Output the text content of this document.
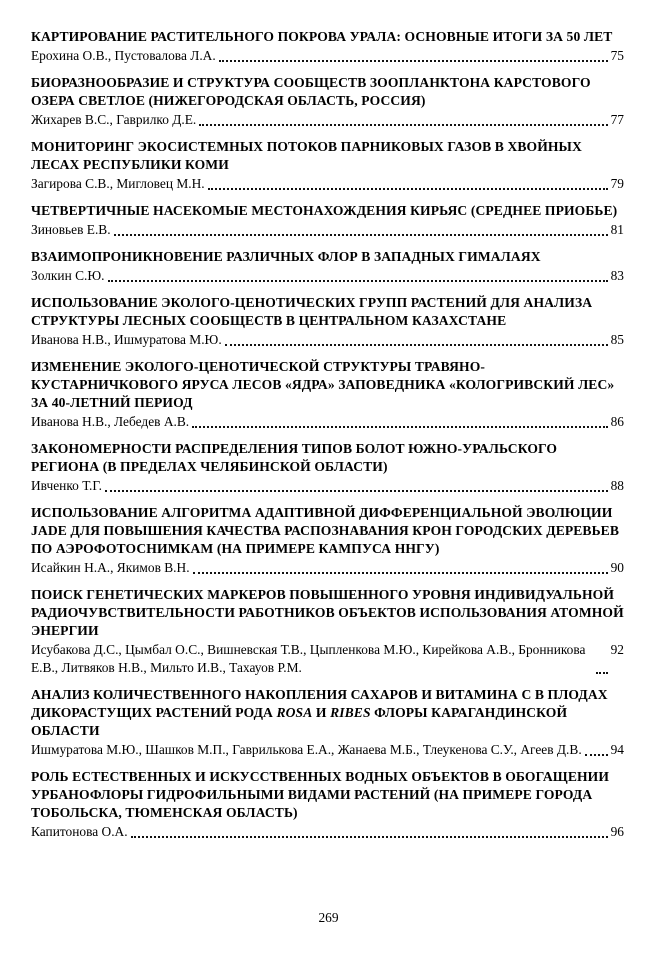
КАРТИРОВАНИЕ РАСТИТЕЛЬНОГО ПОКРОВА УРАЛА: ОСНОВНЫЕ ИТОГИ ЗА 50 ЛЕТ
Ерохина О.В., Пустовалова Л.А.	75
БИОРАЗНООБРАЗИЕ И СТРУКТУРА СООБЩЕСТВ ЗООПЛАНКТОНА КАРСТОВОГО ОЗЕРА СВЕТЛОЕ (НИЖЕГОРОДСКАЯ ОБЛАСТЬ, РОССИЯ)
Жихарев В.С., Гаврилко Д.Е.	77
МОНИТОРИНГ ЭКОСИСТЕМНЫХ ПОТОКОВ ПАРНИКОВЫХ ГАЗОВ В ХВОЙНЫХ ЛЕСАХ РЕСПУБЛИКИ КОМИ
Загирова С.В., Мигловец М.Н.	79
ЧЕТВЕРТИЧНЫЕ НАСЕКОМЫЕ МЕСТОНАХОЖДЕНИЯ КИРЬЯС (СРЕДНЕЕ ПРИОБЬЕ)
Зиновьев Е.В.	81
ВЗАИМОПРОНИКНОВЕНИЕ РАЗЛИЧНЫХ ФЛОР В ЗАПАДНЫХ ГИМАЛАЯХ
Золкин С.Ю.	83
ИСПОЛЬЗОВАНИЕ ЭКОЛОГО-ЦЕНОТИЧЕСКИХ ГРУПП РАСТЕНИЙ ДЛЯ АНАЛИЗА СТРУКТУРЫ ЛЕСНЫХ СООБЩЕСТВ В ЦЕНТРАЛЬНОМ КАЗАХСТАНЕ
Иванова Н.В., Ишмуратова М.Ю.	85
ИЗМЕНЕНИЕ ЭКОЛОГО-ЦЕНОТИЧЕСКОЙ СТРУКТУРЫ ТРАВЯНО-КУСТАРНИЧКОВОГО ЯРУСА ЛЕСОВ «ЯДРА» ЗАПОВЕДНИКА «КОЛОГРИВСКИЙ ЛЕС» ЗА 40-ЛЕТНИЙ ПЕРИОД
Иванова Н.В., Лебедев А.В.	86
ЗАКОНОМЕРНОСТИ РАСПРЕДЕЛЕНИЯ ТИПОВ БОЛОТ ЮЖНО-УРАЛЬСКОГО РЕГИОНА (В ПРЕДЕЛАХ ЧЕЛЯБИНСКОЙ ОБЛАСТИ)
Ивченко Т.Г.	88
ИСПОЛЬЗОВАНИЕ АЛГОРИТМА АДАПТИВНОЙ ДИФФЕРЕНЦИАЛЬНОЙ ЭВОЛЮЦИИ JADE ДЛЯ ПОВЫШЕНИЯ КАЧЕСТВА РАСПОЗНАВАНИЯ КРОН ГОРОДСКИХ ДЕРЕВЬЕВ ПО АЭРОФОТОСНИМКАМ (НА ПРИМЕРЕ КАМПУСА ННГУ)
Исайкин Н.А., Якимов В.Н.	90
ПОИСК ГЕНЕТИЧЕСКИХ МАРКЕРОВ ПОВЫШЕННОГО УРОВНЯ ИНДИВИДУАЛЬНОЙ РАДИОЧУВСТВИТЕЛЬНОСТИ РАБОТНИКОВ ОБЪЕКТОВ ИСПОЛЬЗОВАНИЯ АТОМНОЙ ЭНЕРГИИ
Исубакова Д.С., Цымбал О.С., Вишневская Т.В., Цыпленкова М.Ю., Кирейкова А.В., Бронникова Е.В., Литвяков Н.В., Мильто И.В., Тахауов Р.М.
92
АНАЛИЗ КОЛИЧЕСТВЕННОГО НАКОПЛЕНИЯ САХАРОВ И ВИТАМИНА С В ПЛОДАХ ДИКОРАСТУЩИХ РАСТЕНИЙ РОДА ROSA И RIBES ФЛОРЫ КАРАГАНДИНСКОЙ ОБЛАСТИ
Ишмуратова М.Ю., Шашков М.П., Гаврилькова Е.А., Жанаева М.Б., Тлеукенова С.У., Агеев Д.В. 94
РОЛЬ ЕСТЕСТВЕННЫХ И ИСКУССТВЕННЫХ ВОДНЫХ ОБЪЕКТОВ В ОБОГАЩЕНИИ УРБАНОФЛОРЫ ГИДРОФИЛЬНЫМИ ВИДАМИ РАСТЕНИЙ (НА ПРИМЕРЕ ГОРОДА ТОБОЛЬСКА, ТЮМЕНСКАЯ ОБЛАСТЬ)
Капитонова О.А.	96
269
